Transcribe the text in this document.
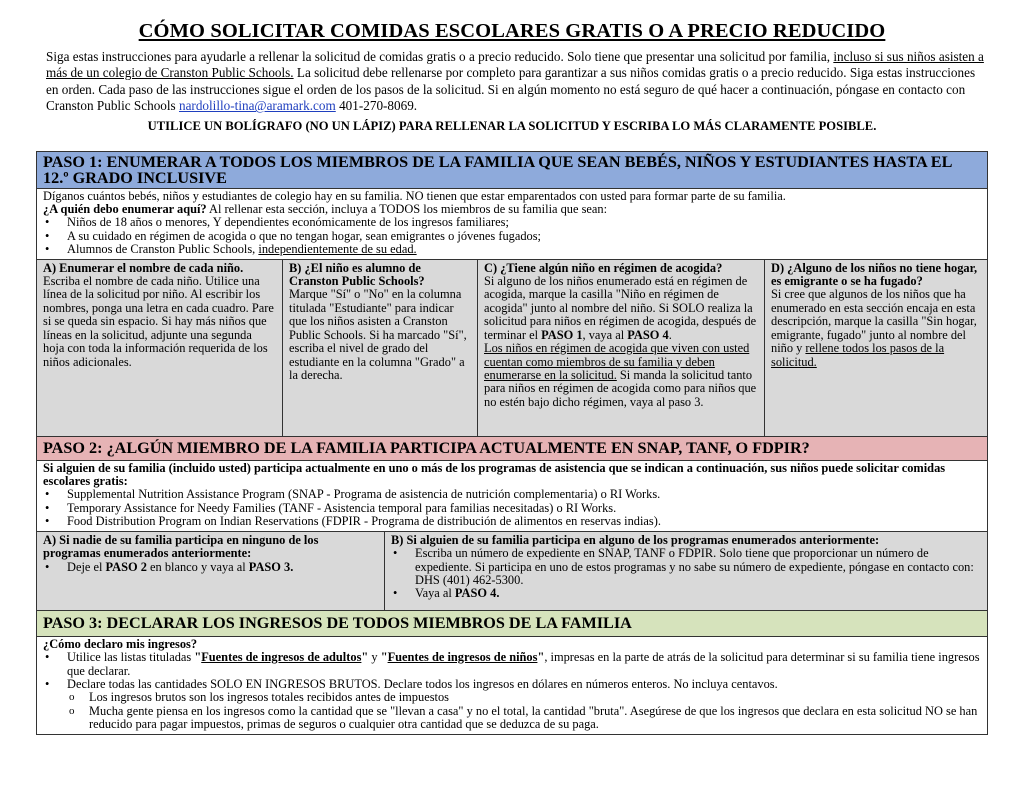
CÓMO SOLICITAR COMIDAS ESCOLARES GRATIS O A PRECIO REDUCIDO
Siga estas instrucciones para ayudarle a rellenar la solicitud de comidas gratis o a precio reducido. Solo tiene que presentar una solicitud por familia, incluso si sus niños asisten a más de un colegio de Cranston Public Schools. La solicitud debe rellenarse por completo para garantizar a sus niños comidas gratis o a precio reducido. Siga estas instrucciones en orden. Cada paso de las instrucciones sigue el orden de los pasos de la solicitud. Si en algún momento no está seguro de qué hacer a continuación, póngase en contacto con Cranston Public Schools nardolillo-tina@aramark.com 401-270-8069.
UTILICE UN BOLÍGRAFO (NO UN LÁPIZ) PARA RELLENAR LA SOLICITUD Y ESCRIBA LO MÁS CLARAMENTE POSIBLE.
PASO 1: ENUMERAR A TODOS LOS MIEMBROS DE LA FAMILIA QUE SEAN BEBÉS, NIÑOS Y ESTUDIANTES HASTA EL 12.º GRADO INCLUSIVE

Díganos cuántos bebés, niños y estudiantes de colegio hay en su familia. NO tienen que estar emparentados con usted para formar parte de su familia.

¿A quién debo enumerar aquí? Al rellenar esta sección, incluya a TODOS los miembros de su familia que sean:

• Niños de 18 años o menores, Y dependientes económicamente de los ingresos familiares;
• A su cuidado en régimen de acogida o que no tengan hogar, sean emigrantes o jóvenes fugados;
• Alumnos de Cranston Public Schools, independientemente de su edad.
A) Enumerar el nombre de cada niño.
Escriba el nombre de cada niño. Utilice una línea de la solicitud por niño. Al escribir los nombres, ponga una letra en cada cuadro. Pare si se queda sin espacio. Si hay más niños que líneas en la solicitud, adjunte una segunda hoja con toda la información requerida de los niños adicionales.
B) ¿El niño es alumno de Cranston Public Schools?
Marque "Sí" o "No" en la columna titulada "Estudiante" para indicar que los niños asisten a Cranston Public Schools. Si ha marcado "Sí", escriba el nivel de grado del estudiante en la columna "Grado" a la derecha.
C) ¿Tiene algún niño en régimen de acogida?
Si alguno de los niños enumerado está en régimen de acogida, marque la casilla "Niño en régimen de acogida" junto al nombre del niño. Si SOLO realiza la solicitud para niños en régimen de acogida, después de terminar el PASO 1, vaya al PASO 4.
Los niños en régimen de acogida que viven con usted cuentan como miembros de su familia y deben enumerarse en la solicitud. Si manda la solicitud tanto para niños en régimen de acogida como para niños que no estén bajo dicho régimen, vaya al paso 3.
D) ¿Alguno de los niños no tiene hogar, es emigrante o se ha fugado?
Si cree que algunos de los niños que ha enumerado en esta sección encaja en esta descripción, marque la casilla "Sin hogar, emigrante, fugado" junto al nombre del niño y rellene todos los pasos de la solicitud.
PASO 2: ¿ALGÚN MIEMBRO DE LA FAMILIA PARTICIPA ACTUALMENTE EN SNAP, TANF, O FDPIR?

Si alguien de su familia (incluido usted) participa actualmente en uno o más de los programas de asistencia que se indican a continuación, sus niños puede solicitar comidas escolares gratis:

• Supplemental Nutrition Assistance Program (SNAP - Programa de asistencia de nutrición complementaria) o RI Works.
• Temporary Assistance for Needy Families (TANF - Asistencia temporal para familias necesitadas) o RI Works.
• Food Distribution Program on Indian Reservations (FDPIR - Programa de distribución de alimentos en reservas indias).
A) Si nadie de su familia participa en ninguno de los programas enumerados anteriormente:
• Deje el PASO 2 en blanco y vaya al PASO 3.
B) Si alguien de su familia participa en alguno de los programas enumerados anteriormente:
• Escriba un número de expediente en SNAP, TANF o FDPIR. Solo tiene que proporcionar un número de expediente. Si participa en uno de estos programas y no sabe su número de expediente, póngase en contacto con: DHS (401) 462-5300.
• Vaya al PASO 4.
PASO 3: DECLARAR LOS INGRESOS DE TODOS MIEMBROS DE LA FAMILIA

¿Cómo declaro mis ingresos?

• Utilice las listas tituladas "Fuentes de ingresos de adultos" y "Fuentes de ingresos de niños", impresas en la parte de atrás de la solicitud para determinar si su familia tiene ingresos que declarar.
• Declare todas las cantidades SOLO EN INGRESOS BRUTOS. Declare todos los ingresos en dólares en números enteros. No incluya centavos.
o Los ingresos brutos son los ingresos totales recibidos antes de impuestos
o Mucha gente piensa en los ingresos como la cantidad que se "llevan a casa" y no el total, la cantidad "bruta". Asegúrese de que los ingresos que declara en esta solicitud NO se han reducido para pagar impuestos, primas de seguros o cualquier otra cantidad que se deduzca de su paga.
